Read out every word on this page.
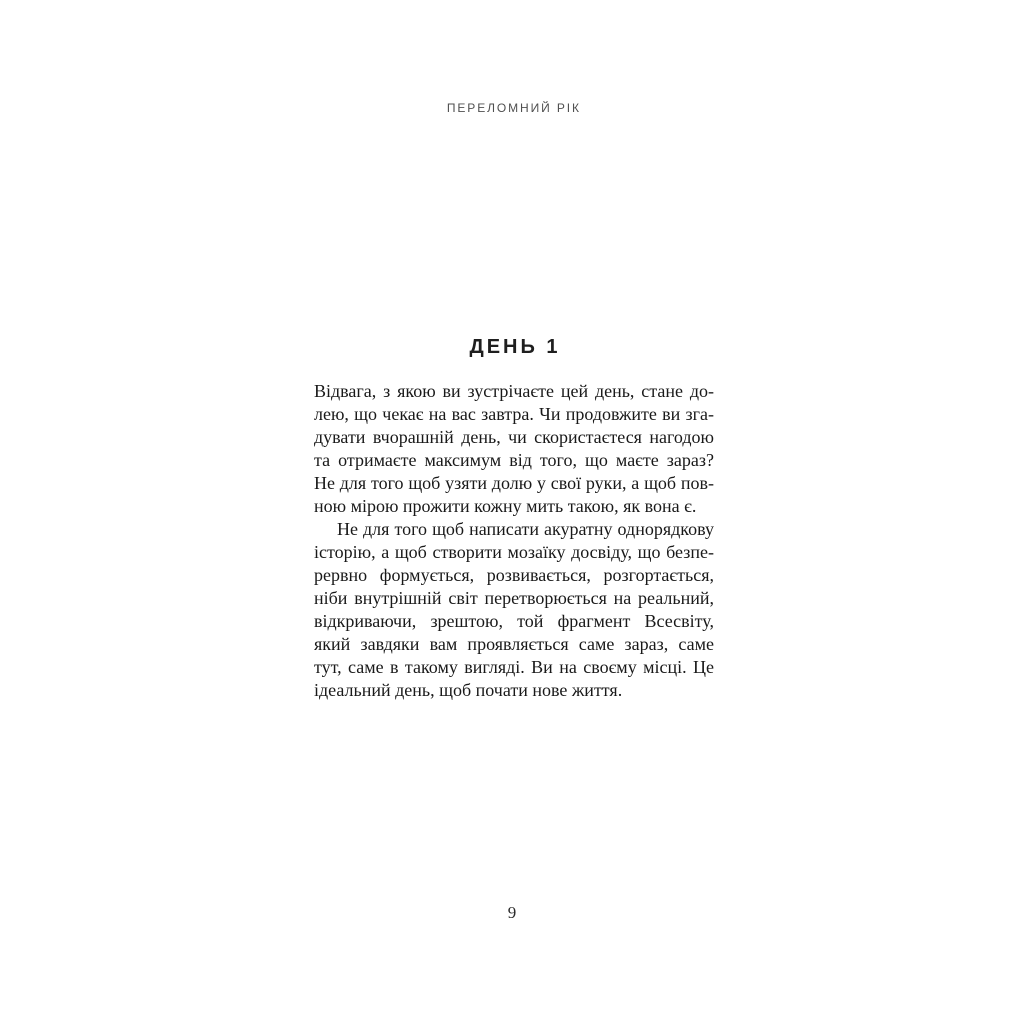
ПЕРЕЛОМНИЙ РІК
ДЕНЬ 1
Відвага, з якою ви зустрічаєте цей день, стане до-
лею, що чекає на вас завтра. Чи продовжите ви зга-
дувати вчорашній день, чи скористаєтеся нагодою
та отримаєте максимум від того, що маєте зараз?
Не для того щоб узяти долю у свої руки, а щоб пов-
ною мірою прожити кожну мить такою, як вона є.
Не для того щоб написати акуратну однорядкову
історію, а щоб створити мозаїку досвіду, що безпе-
рервно формується, розвивається, розгортається,
ніби внутрішній світ перетворюється на реальний,
відкриваючи, зрештою, той фрагмент Всесвіту,
який завдяки вам проявляється саме зараз, саме
тут, саме в такому вигляді. Ви на своєму місці. Це
ідеальний день, щоб почати нове життя.
9
